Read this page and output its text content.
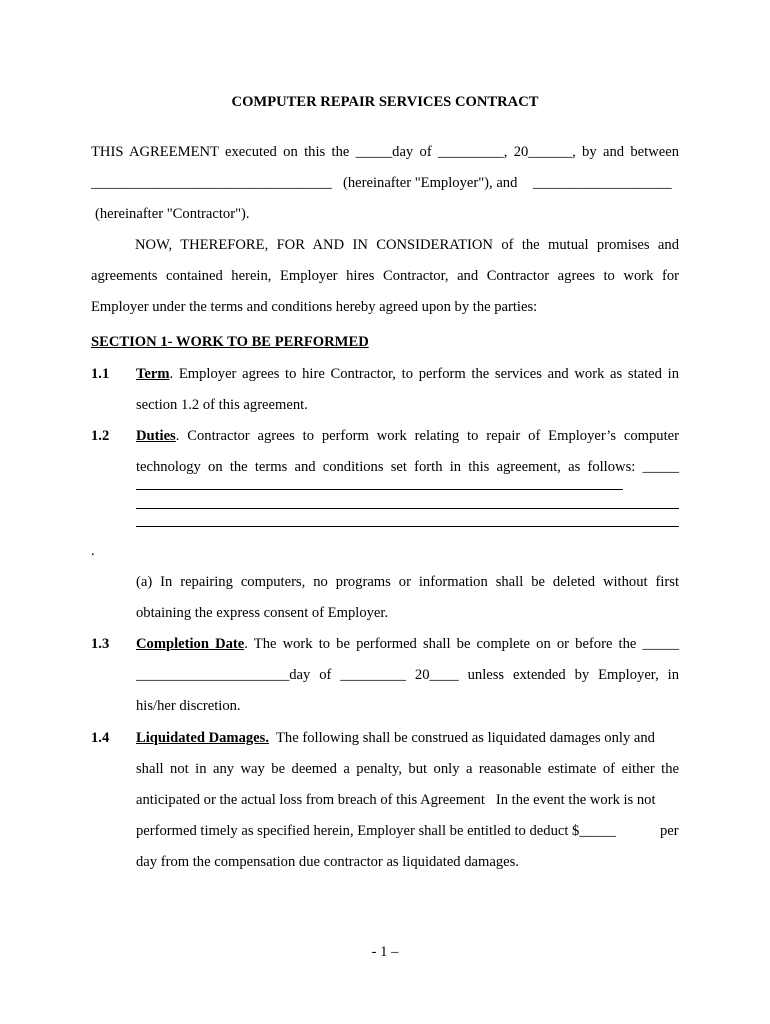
COMPUTER REPAIR SERVICES CONTRACT
THIS AGREEMENT executed on this the _____day of _________, 20______, by and between
_________________________________ (hereinafter "Employer"), and ___________________
(hereinafter "Contractor").
NOW, THEREFORE, FOR AND IN CONSIDERATION of the mutual promises and
agreements contained herein, Employer hires Contractor, and Contractor agrees to work for
Employer under the terms and conditions hereby agreed upon by the parties:
SECTION 1- WORK TO BE PERFORMED
1.1 Term. Employer agrees to hire Contractor, to perform the services and work as stated in
section 1.2 of this agreement.
1.2 Duties. Contractor agrees to perform work relating to repair of Employer’s computer
technology on the terms and conditions set forth in this agreement, as follows: _____
.
(a) In repairing computers, no programs or information shall be deleted without first
obtaining the express consent of Employer.
1.3 Completion Date. The work to be performed shall be complete on or before the _____
_____________________day of _________ 20____ unless extended by Employer, in
his/her discretion.
1.4 Liquidated Damages.  The following shall be construed as liquidated damages only and
shall not in any way be deemed a penalty, but only a reasonable estimate of either the
anticipated or the actual loss from breach of this Agreement   In the event the work is not
performed timely as specified herein, Employer shall be entitled to deduct $_____	per
day from the compensation due contractor as liquidated damages.
- 1 –
